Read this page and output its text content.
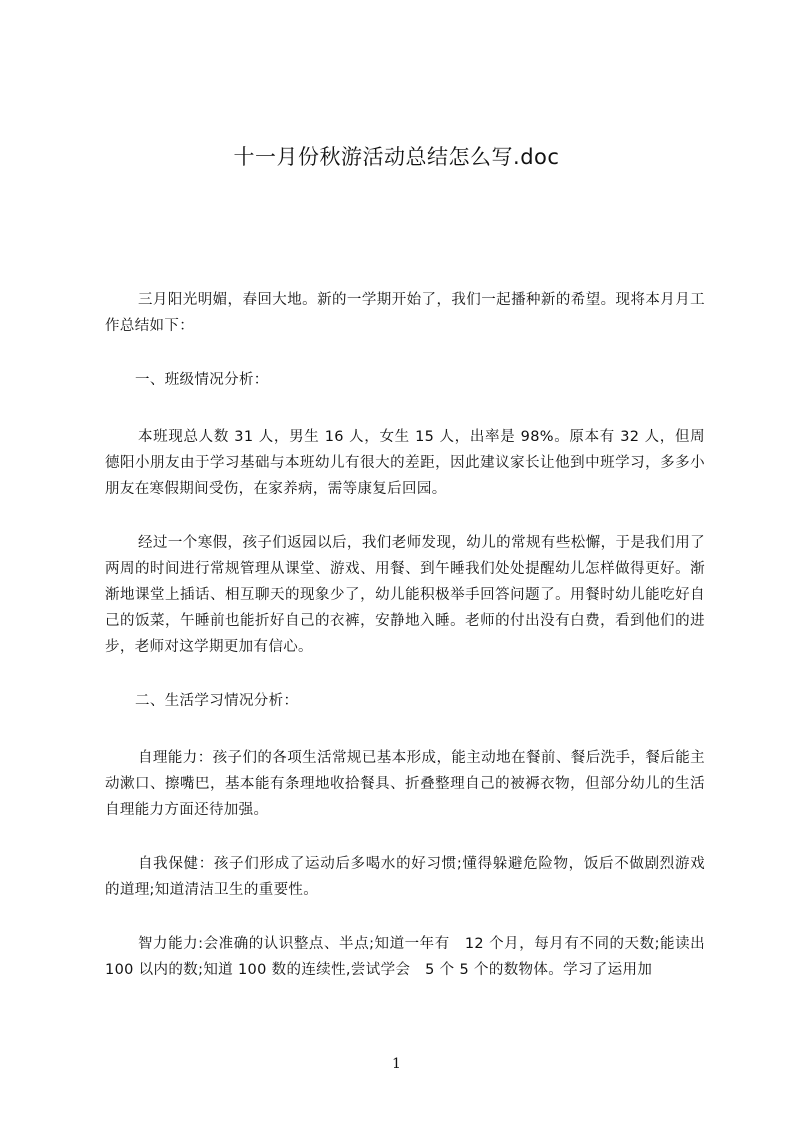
十一月份秋游活动总结怎么写.doc

三月阳光明媚，春回大地。新的一学期开始了，我们一起播种新的希望。现将本月月工作总结如下：

一、班级情况分析：

本班现总人数 31 人，男生 16 人，女生 15 人，出率是 98%。原本有 32 人，但周德阳小朋友由于学习基础与本班幼儿有很大的差距，因此建议家长让他到中班学习，多多小朋友在寒假期间受伤，在家养病，需等康复后回园。

经过一个寒假，孩子们返园以后，我们老师发现，幼儿的常规有些松懈，于是我们用了两周的时间进行常规管理从课堂、游戏、用餐、到午睡我们处处提醒幼儿怎样做得更好。渐渐地课堂上插话、相互聊天的现象少了，幼儿能积极举手回答问题了。用餐时幼儿能吃好自己的饭菜，午睡前也能折好自己的衣裤，安静地入睡。老师的付出没有白费，看到他们的进步，老师对这学期更加有信心。

二、生活学习情况分析：

自理能力：孩子们的各项生活常规已基本形成，能主动地在餐前、餐后洗手，餐后能主动漱口、擦嘴巴，基本能有条理地收拾餐具、折叠整理自己的被褥衣物，但部分幼儿的生活自理能力方面还待加强。

自我保健：孩子们形成了运动后多喝水的好习惯;懂得躲避危险物，饭后不做剧烈游戏的道理;知道清洁卫生的重要性。

智力能力:会准确的认识整点、半点;知道一年有　12 个月，每月有不同的天数;能读出 100 以内的数;知道 100 数的连续性,尝试学会　5 个 5 个的数物体。学习了运用加

1
